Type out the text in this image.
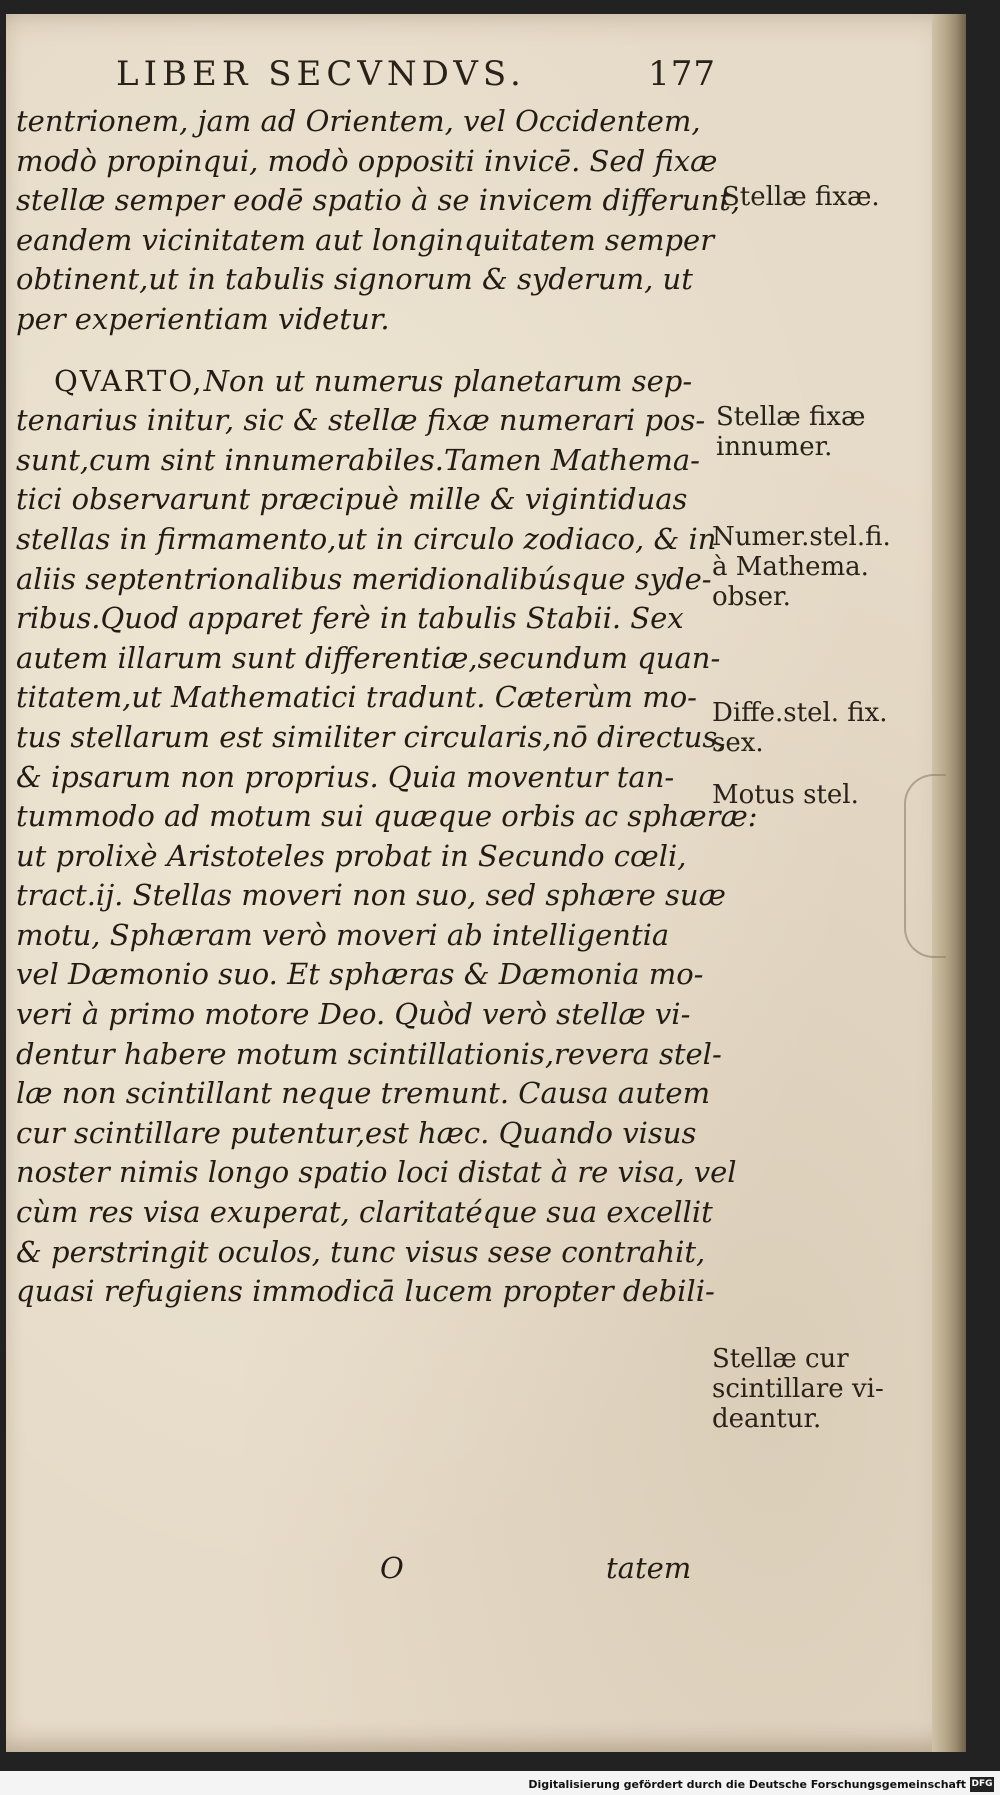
LIBER SECVNDVS.	177
tentrionem, jam ad Orientem, vel Occidentem,
modò propinqui, modò oppositi invicē. Sed fixæ
stellæ semper eodē spatio à se invicem differunt,
eandem vicinitatem aut longinquitatem semper
obtinent,ut in tabulis signorum & syderum, ut
per experientiam videtur.
QVARTO,Non ut numerus planetarum sep-
tenarius initur, sic & stellæ fixæ numerari pos-
sunt,cum sint innumerabiles.Tamen Mathema-
tici observarunt præcipuè mille & vigintiduas
stellas in firmamento,ut in circulo zodiaco, & in
aliis septentrionalibus meridionalibúsque syde-
ribus.Quod apparet ferè in tabulis Stabii. Sex
autem illarum sunt differentiæ,secundum quan-
titatem,ut Mathematici tradunt. Cæterùm mo-
tus stellarum est similiter circularis,nō directus,
& ipsarum non proprius. Quia moventur tan-
tummodo ad motum sui quæque orbis ac sphæræ:
ut prolixè Aristoteles probat in Secundo cœli,
tract.ij. Stellas moveri non suo, sed sphære suæ
motu, Sphæram verò moveri ab intelligentia
vel Dæmonio suo. Et sphæras & Dæmonia mo-
veri à primo motore Deo. Quòd verò stellæ vi-
dentur habere motum scintillationis,revera stel-
læ non scintillant neque tremunt. Causa autem
cur scintillare putentur,est hæc. Quando visus
noster nimis longo spatio loci distat à re visa, vel
cùm res visa exuperat, claritatéque sua excellit
& perstringit oculos, tunc visus sese contrahit,
quasi refugiens immodicā lucem propter debili-
Stellæ fixæ.
Stellæ fixæ
innumer.
Numer.stel.fi.
à Mathema.
obser.
Diffe.stel. fix.
sex.
Motus stel.
Stellæ cur
scintillare vi-
deantur.
O	tatem
Digitalisierung gefördert durch die Deutsche Forschungsgemeinschaft DFG
